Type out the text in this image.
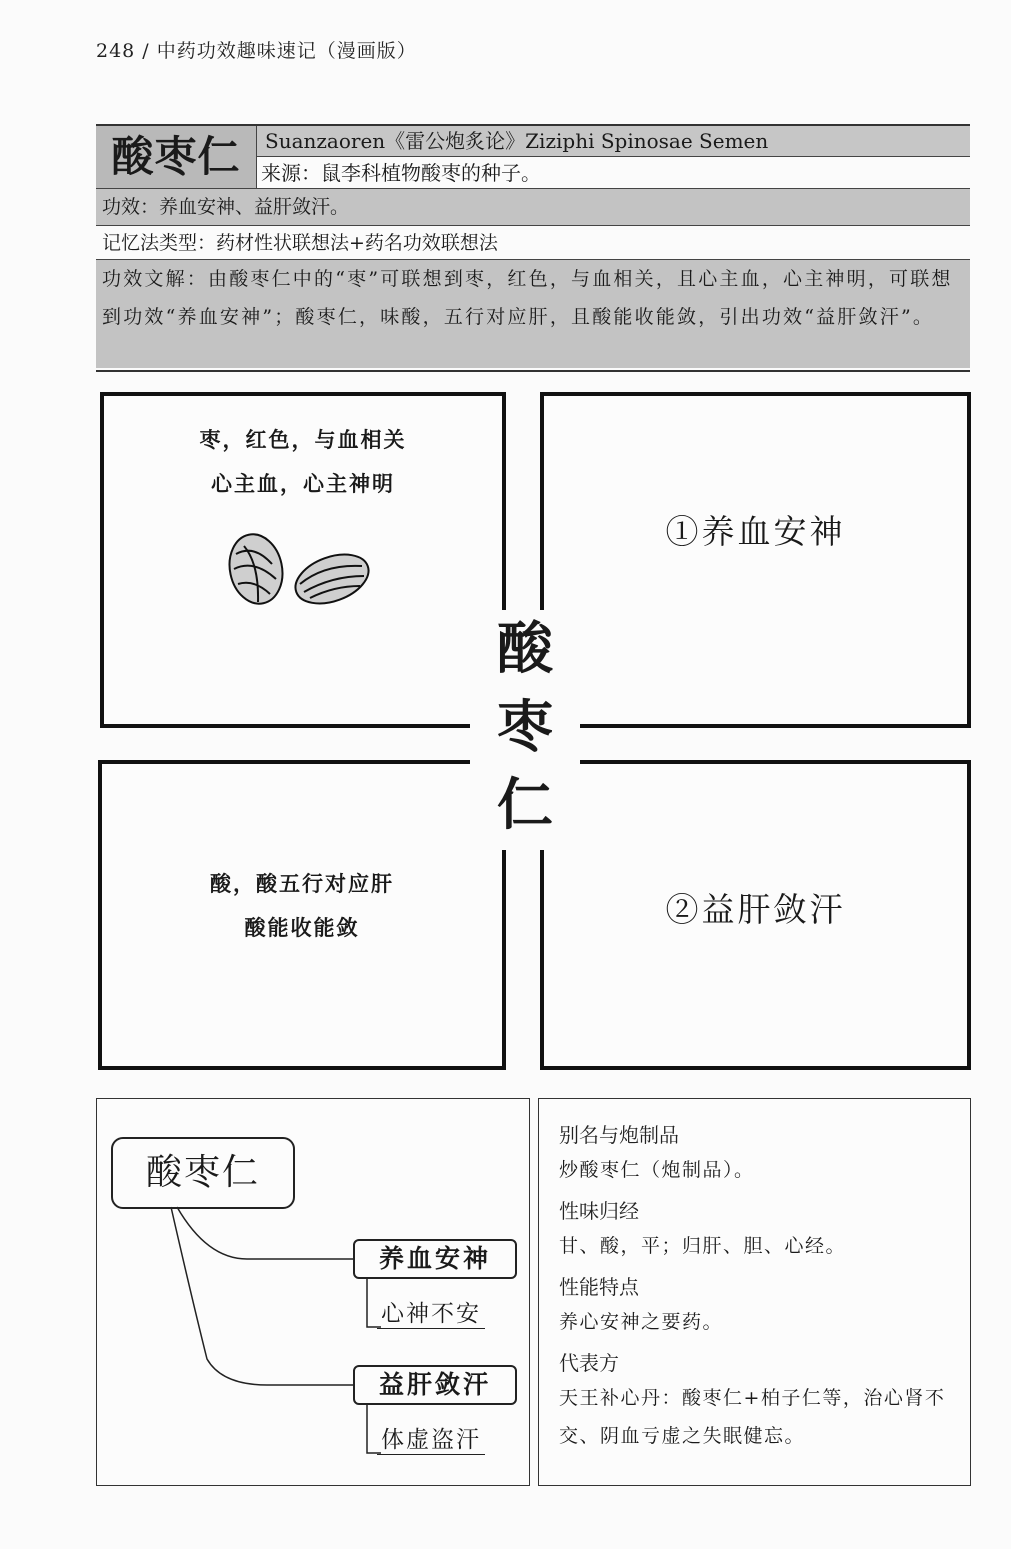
248 / 中药功效趣味速记（漫画版）
酸枣仁	Suanzaoren《雷公炮炙论》Ziziphi Spinosae Semen
来源：鼠李科植物酸枣的种子。
功效：养血安神、益肝敛汗。
记忆法类型：药材性状联想法+药名功效联想法
功效文解：由酸枣仁中的“枣”可联想到枣，红色，与血相关，且心主血，心主神明，可联想到功效“养血安神”；酸枣仁，味酸，五行对应肝，且酸能收能敛，引出功效“益肝敛汗”。
枣，红色，与血相关
心主血，心主神明
①养血安神
酸，酸五行对应肝
酸能收能敛	②益肝敛汗
酸
枣
仁
酸枣仁
养血安神
心神不安
益肝敛汗
体虚盗汗
别名与炮制品
炒酸枣仁（炮制品）。
性味归经
甘、酸，平；归肝、胆、心经。
性能特点
养心安神之要药。
代表方
天王补心丹：酸枣仁+柏子仁等，治心肾不交、阴血亏虚之失眠健忘。
